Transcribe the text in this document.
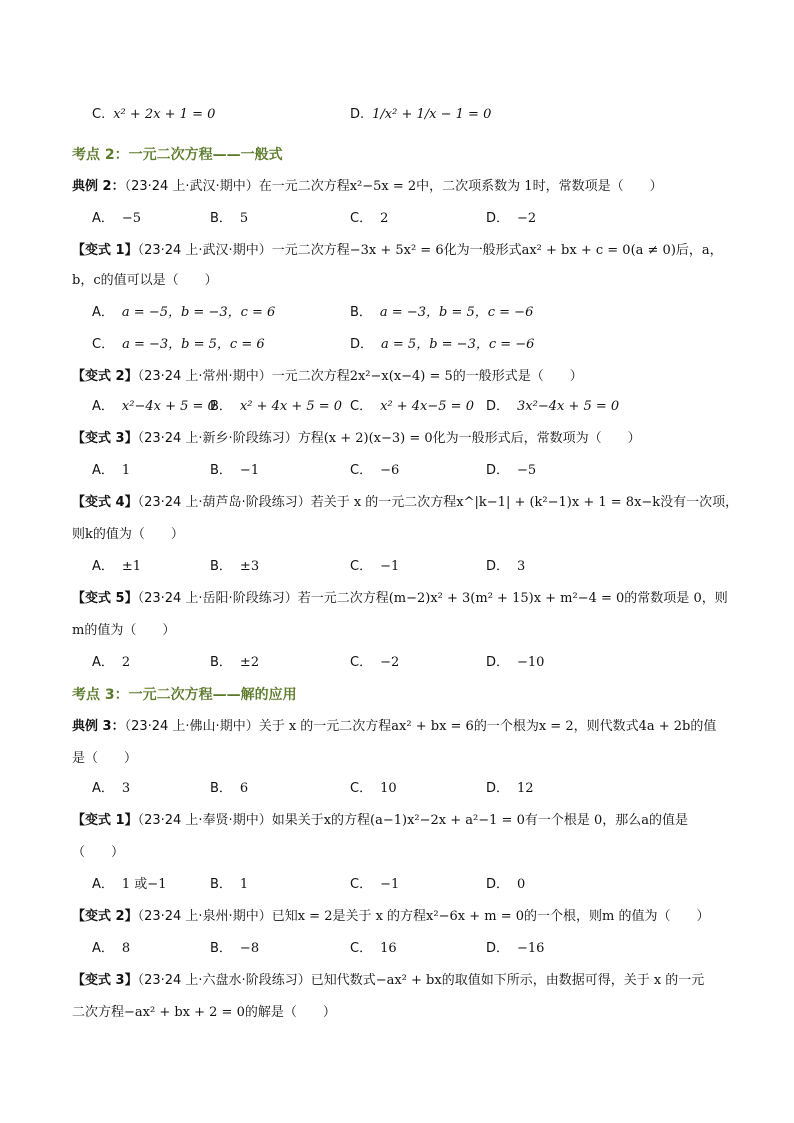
C. x² + 2x + 1 = 0	D. 1/x² + 1/x − 1 = 0
考点 2：一元二次方程——一般式
典例 2：（23·24 上·武汉·期中）在一元二次方程x²−5x = 2中，二次项系数为 1时，常数项是（　　）
A． −5	B． 5	C． 2	D． −2
【变式 1】（23·24 上·武汉·期中）一元二次方程−3x + 5x² = 6化为一般形式ax² + bx + c = 0(a ≠ 0)后，a，
b，c的值可以是（　　）
A． a = −5，b = −3，c = 6	B． a = −3，b = 5，c = −6
C． a = −3，b = 5，c = 6	D． a = 5，b = −3，c = −6
【变式 2】（23·24 上·常州·期中）一元二次方程2x²−x(x−4) = 5的一般形式是（　　）
A． x²−4x + 5 = 0
B． x² + 4x + 5 = 0 C． x² + 4x−5 = 0 D． 3x²−4x + 5 = 0
【变式 3】（23·24 上·新乡·阶段练习）方程(x + 2)(x−3) = 0化为一般形式后，常数项为（　　）
A． 1	B． −1	C． −6	D． −5
【变式 4】（23·24 上·葫芦岛·阶段练习）若关于 x 的一元二次方程x^|k−1| + (k²−1)x + 1 = 8x−k没有一次项，
则k的值为（　　）
A． ±1	B． ±3	C． −1	D． 3
【变式 5】（23·24 上·岳阳·阶段练习）若一元二次方程(m−2)x² + 3(m² + 15)x + m²−4 = 0的常数项是 0，则
m的值为（　　）
A． 2	B． ±2	C． −2	D． −10
考点 3：一元二次方程——解的应用
典例 3：（23·24 上·佛山·期中）关于 x 的一元二次方程ax² + bx = 6的一个根为x = 2，则代数式4a + 2b的值
是（　　）
A． 3	B． 6	C． 10	D． 12
【变式 1】（23·24 上·奉贤·期中）如果关于x的方程(a−1)x²−2x + a²−1 = 0有一个根是 0，那么a的值是
（　　）
A． 1 或−1	B． 1	C． −1	D． 0
【变式 2】（23·24 上·泉州·期中）已知x = 2是关于 x 的方程x²−6x + m = 0的一个根，则m 的值为（　　）
A． 8	B． −8	C． 16	D． −16
【变式 3】（23·24 上·六盘水·阶段练习）已知代数式−ax² + bx的取值如下所示，由数据可得，关于 x 的一元
二次方程−ax² + bx + 2 = 0的解是（　　）
